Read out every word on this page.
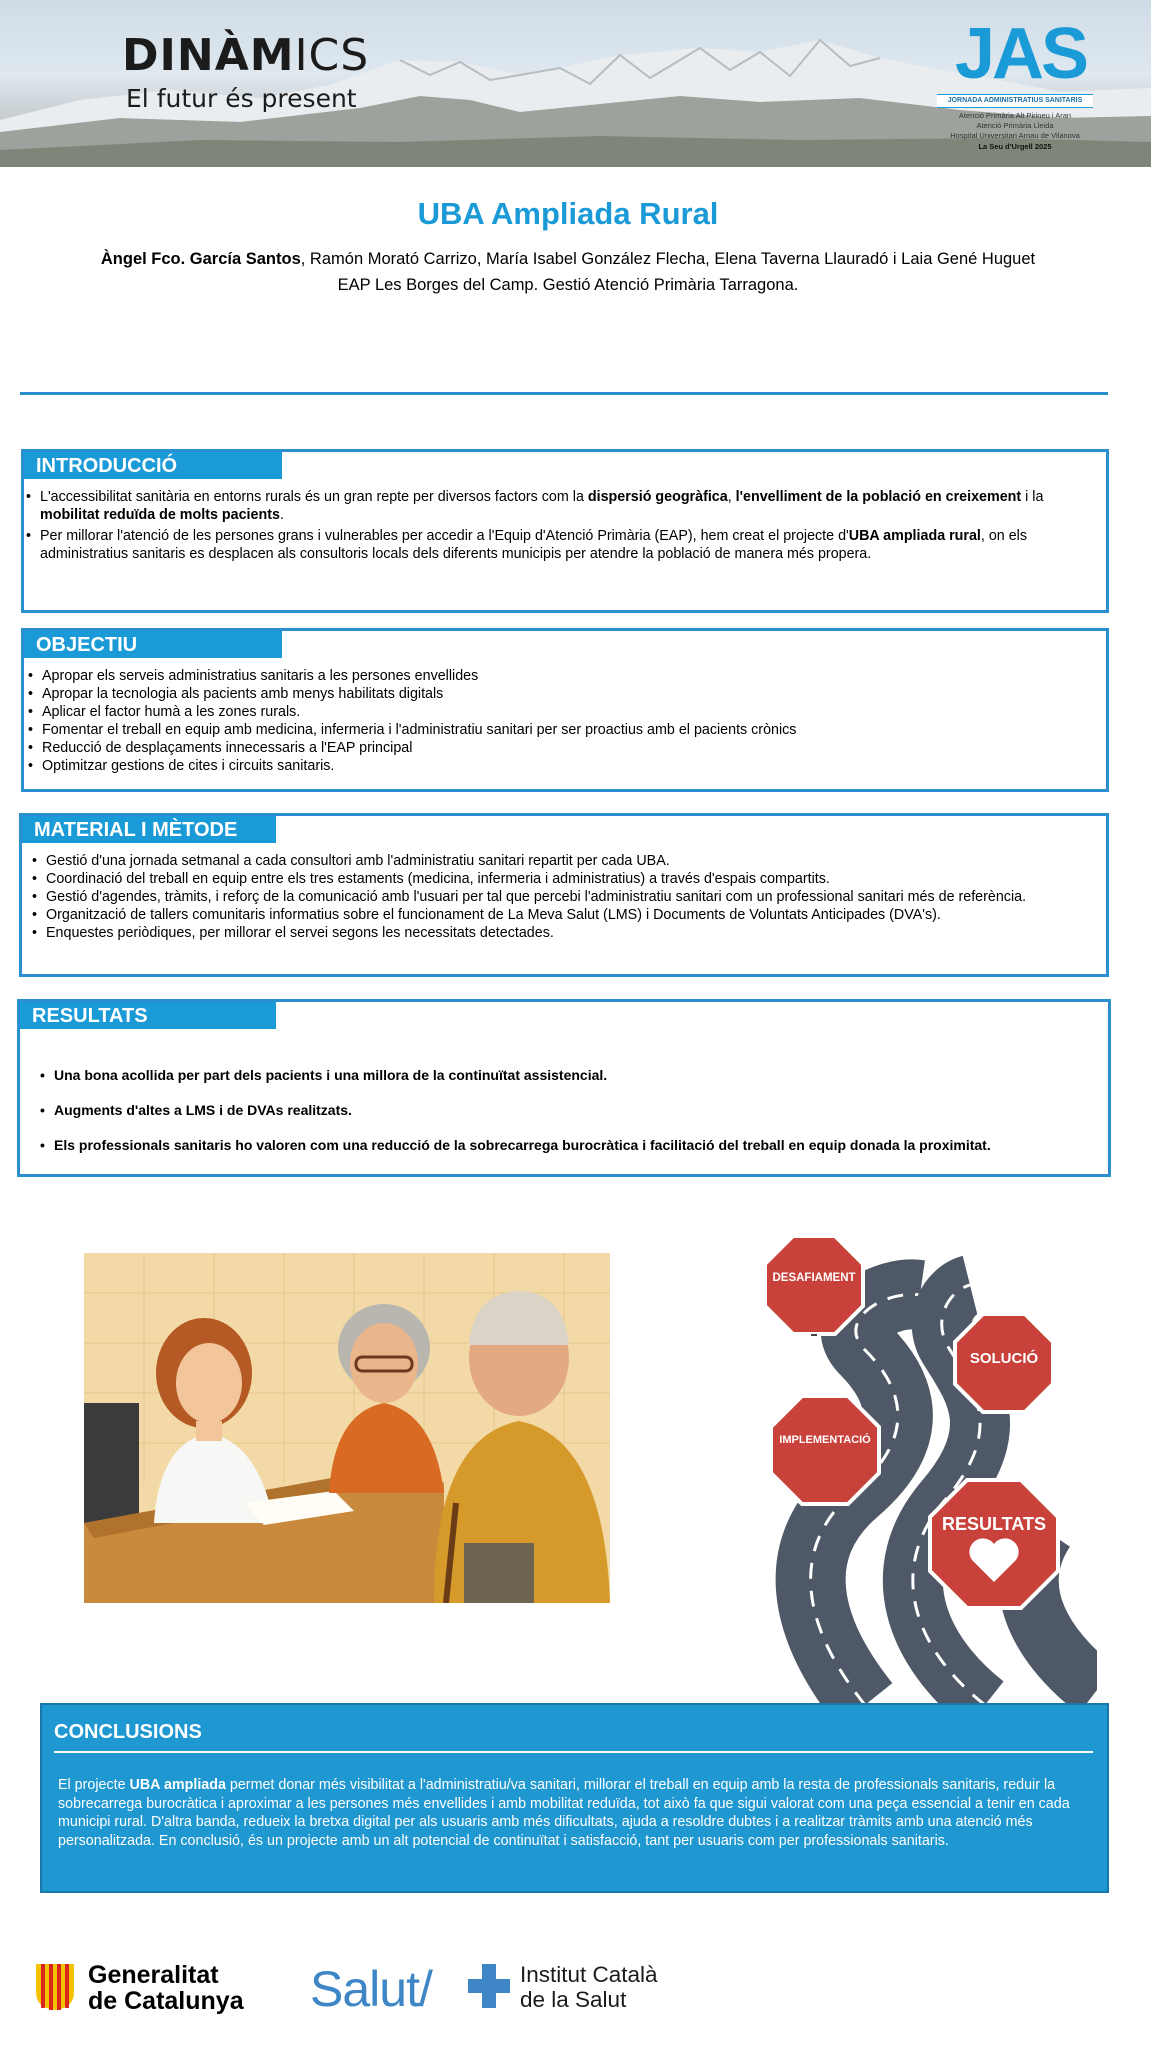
DINÀMICS
El futur és present
JAS
JORNADA ADMINISTRATIUS SANITARIS
Atenció Primària Alt Pirineu i Aran
Atenció Primària Lleida
Hospital Universitari Arnau de Vilanova
La Seu d'Urgell 2025
UBA Ampliada Rural
Àngel Fco. García Santos, Ramón Morató Carrizo, María Isabel González Flecha, Elena Taverna Llauradó i Laia Gené Huguet
EAP Les Borges del Camp. Gestió Atenció Primària Tarragona.
INTRODUCCIÓ
• L'accessibilitat sanitària en entorns rurals és un gran repte per diversos factors com la dispersió geogràfica, l'envelliment de la població en creixement i la mobilitat reduïda de molts pacients.
• Per millorar l'atenció de les persones grans i vulnerables per accedir a l'Equip d'Atenció Primària (EAP), hem creat el projecte d'UBA ampliada rural, on els administratius sanitaris es desplacen als consultoris locals dels diferents municipis per atendre la població de manera més propera.
OBJECTIU
• Apropar els serveis administratius sanitaris a les persones envellides
• Apropar la tecnologia als pacients amb menys habilitats digitals
• Aplicar el factor humà a les zones rurals.
• Fomentar el treball en equip amb medicina, infermeria i l'administratiu sanitari per ser proactius amb el pacients crònics
• Reducció de desplaçaments innecessaris a l'EAP principal
• Optimitzar gestions de cites i circuits sanitaris.
MATERIAL I MÈTODE
• Gestió d'una jornada setmanal a cada consultori amb l'administratiu sanitari repartit per cada UBA.
• Coordinació del treball en equip entre els tres estaments (medicina, infermeria i administratius) a través d'espais compartits.
• Gestió d'agendes, tràmits, i reforç de la comunicació amb l'usuari per tal que percebi l'administratiu sanitari com un professional sanitari més de referència.
• Organització de tallers comunitaris informatius sobre el funcionament de La Meva Salut (LMS) i Documents de Voluntats Anticipades (DVA's).
• Enquestes periòdiques, per millorar el servei segons les necessitats detectades.
RESULTATS
• Una bona acollida per part dels pacients i una millora de la continuïtat assistencial.
• Augments d'altes a LMS i de DVAs realitzats.
• Els professionals sanitaris ho valoren com una reducció de la sobrecarrega burocràtica i facilitació del treball en equip donada la proximitat.
DESAFIAMENT
SOLUCIÓ
IMPLEMENTACIÓ
RESULTATS
CONCLUSIONS
El projecte UBA ampliada permet donar més visibilitat a l'administratiu/va sanitari, millorar el treball en equip amb la resta de professionals sanitaris, reduir la sobrecarrega burocràtica i aproximar a les persones més envellides i amb mobilitat reduïda, tot això fa que sigui valorat com una peça essencial a tenir en cada municipi rural. D'altra banda, redueix la bretxa digital per als usuaris amb més dificultats, ajuda a resoldre dubtes i a realitzar tràmits amb una atenció més personalitzada. En conclusió, és un projecte amb un alt potencial de continuïtat i satisfacció, tant per usuaris com per professionals sanitaris.
Generalitat
de Catalunya Salut/	Institut Català
de la Salut
